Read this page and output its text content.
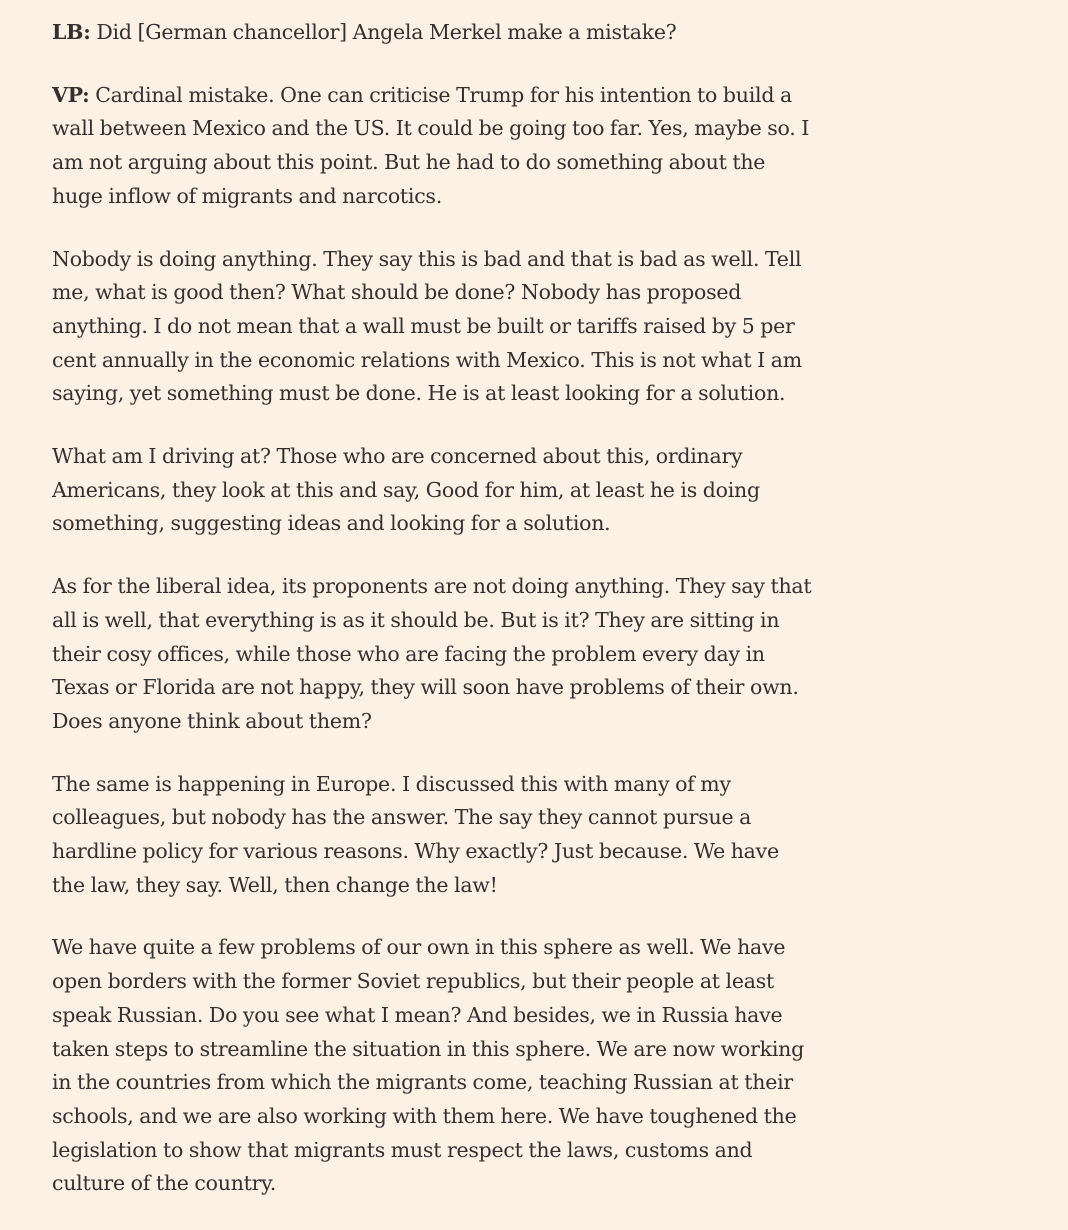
LB: Did [German chancellor] Angela Merkel make a mistake?

VP: Cardinal mistake. One can criticise Trump for his intention to build a wall between Mexico and the US. It could be going too far. Yes, maybe so. I am not arguing about this point. But he had to do something about the huge inflow of migrants and narcotics.

Nobody is doing anything. They say this is bad and that is bad as well. Tell me, what is good then? What should be done? Nobody has proposed anything. I do not mean that a wall must be built or tariffs raised by 5 per cent annually in the economic relations with Mexico. This is not what I am saying, yet something must be done. He is at least looking for a solution.

What am I driving at? Those who are concerned about this, ordinary Americans, they look at this and say, Good for him, at least he is doing something, suggesting ideas and looking for a solution.

As for the liberal idea, its proponents are not doing anything. They say that all is well, that everything is as it should be. But is it? They are sitting in their cosy offices, while those who are facing the problem every day in Texas or Florida are not happy, they will soon have problems of their own. Does anyone think about them?

The same is happening in Europe. I discussed this with many of my colleagues, but nobody has the answer. The say they cannot pursue a hardline policy for various reasons. Why exactly? Just because. We have the law, they say. Well, then change the law!

We have quite a few problems of our own in this sphere as well. We have open borders with the former Soviet republics, but their people at least speak Russian. Do you see what I mean? And besides, we in Russia have taken steps to streamline the situation in this sphere. We are now working in the countries from which the migrants come, teaching Russian at their schools, and we are also working with them here. We have toughened the legislation to show that migrants must respect the laws, customs and culture of the country.
